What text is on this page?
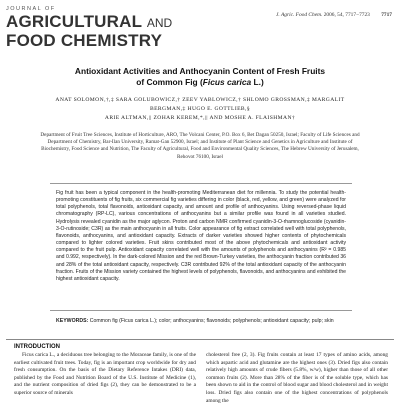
JOURNAL OF
AGRICULTURAL AND
FOOD CHEMISTRY
J. Agric. Food Chem. 2006, 54, 7717−7723 7717
Antioxidant Activities and Anthocyanin Content of Fresh Fruits
of Common Fig (Ficus carica L.)
ANAT SOLOMON,†,‡ SARA GOLUBOWICZ,† ZEEV YABLOWICZ,† SHLOMO GROSSMAN,‡ MARGALIT BERGMAN,‡ HUGO E. GOTTLIEB,§
ARIE ALTMAN,|| ZOHAR KEREM,*,|| AND MOSHE A. FLAISHMAN†
Department of Fruit Tree Sciences, Institute of Horticulture, ARO, The Volcani Center, P.O. Box 6, Bet Dagan 50250, Israel; Faculty of Life Sciences and Department of Chemistry, Bar-Ilan University, Ramat-Gan 52900, Israel; and Institute of Plant Science and Genetics in Agriculture and Institute of Biochemistry, Food Science and Nutrition, The Faculty of Agricultural, Food and Environmental Quality Sciences, The Hebrew University of Jerusalem, Rehovot 76100, Israel
Fig fruit has been a typical component in the health-promoting Mediterranean diet for millennia. To study the potential health-promoting constituents of fig fruits, six commercial fig varieties differing in color (black, red, yellow, and green) were analyzed for total polyphenols, total flavonoids, antioxidant capacity, and amount and profile of anthocyanins. Using reversed-phase liquid chromatography (RP-LC), various concentrations of anthocyanins but a similar profile was found in all varieties studied. Hydrolysis revealed cyanidin as the major aglycon. Proton and carbon NMR confirmed cyanidin-3-O-rhamnoglucoside (cyanidin-3-O-rutinoside; C3R) as the main anthocyanin in all fruits. Color appearance of fig extract correlated well with total polyphenols, flavonoids, anthocyanins, and antioxidant capacity. Extracts of darker varieties showed higher contents of phytochemicals compared to lighter colored varieties. Fruit skins contributed most of the above phytochemicals and antioxidant activity compared to the fruit pulp. Antioxidant capacity correlated well with the amounts of polyphenols and anthocyanins (R² = 0.985 and 0.992, respectively). In the dark-colored Mission and the red Brown-Turkey varieties, the anthocyanin fraction contributed 36 and 28% of the total antioxidant capacity, respectively. C3R contributed 92% of the total antioxidant capacity of the anthocyanin fraction. Fruits of the Mission variety contained the highest levels of polyphenols, flavonoids, and anthocyanins and exhibited the highest antioxidant capacity.
KEYWORDS: Common fig (Ficus carica L.); color; anthocyanins; flavonoids; polyphenols; antioxidant capacity; pulp; skin
INTRODUCTION
Ficus carica L., a deciduous tree belonging to the Moraceae family, is one of the earliest cultivated fruit trees. Today, fig is an important crop worldwide for dry and fresh consumption. On the basis of the Dietary Reference Intakes (DRI) data, published by the Food and Nutrition Board of the U.S. Institute of Medicine (1), and the nutrient composition of dried figs (2), they can be demonstrated to be a superior source of minerals
cholesterol free (2, 3). Fig fruits contain at least 17 types of amino acids, among which aspartic acid and glutamine are the highest ones (3). Dried figs also contain relatively high amounts of crude fibers (5.8%, w/w), higher than those of all other common fruits (2). More than 28% of the fiber is of the soluble type, which has been shown to aid in the control of blood sugar and blood cholesterol and in weight loss. Dried figs also contain one of the highest concentrations of polyphenols among the
